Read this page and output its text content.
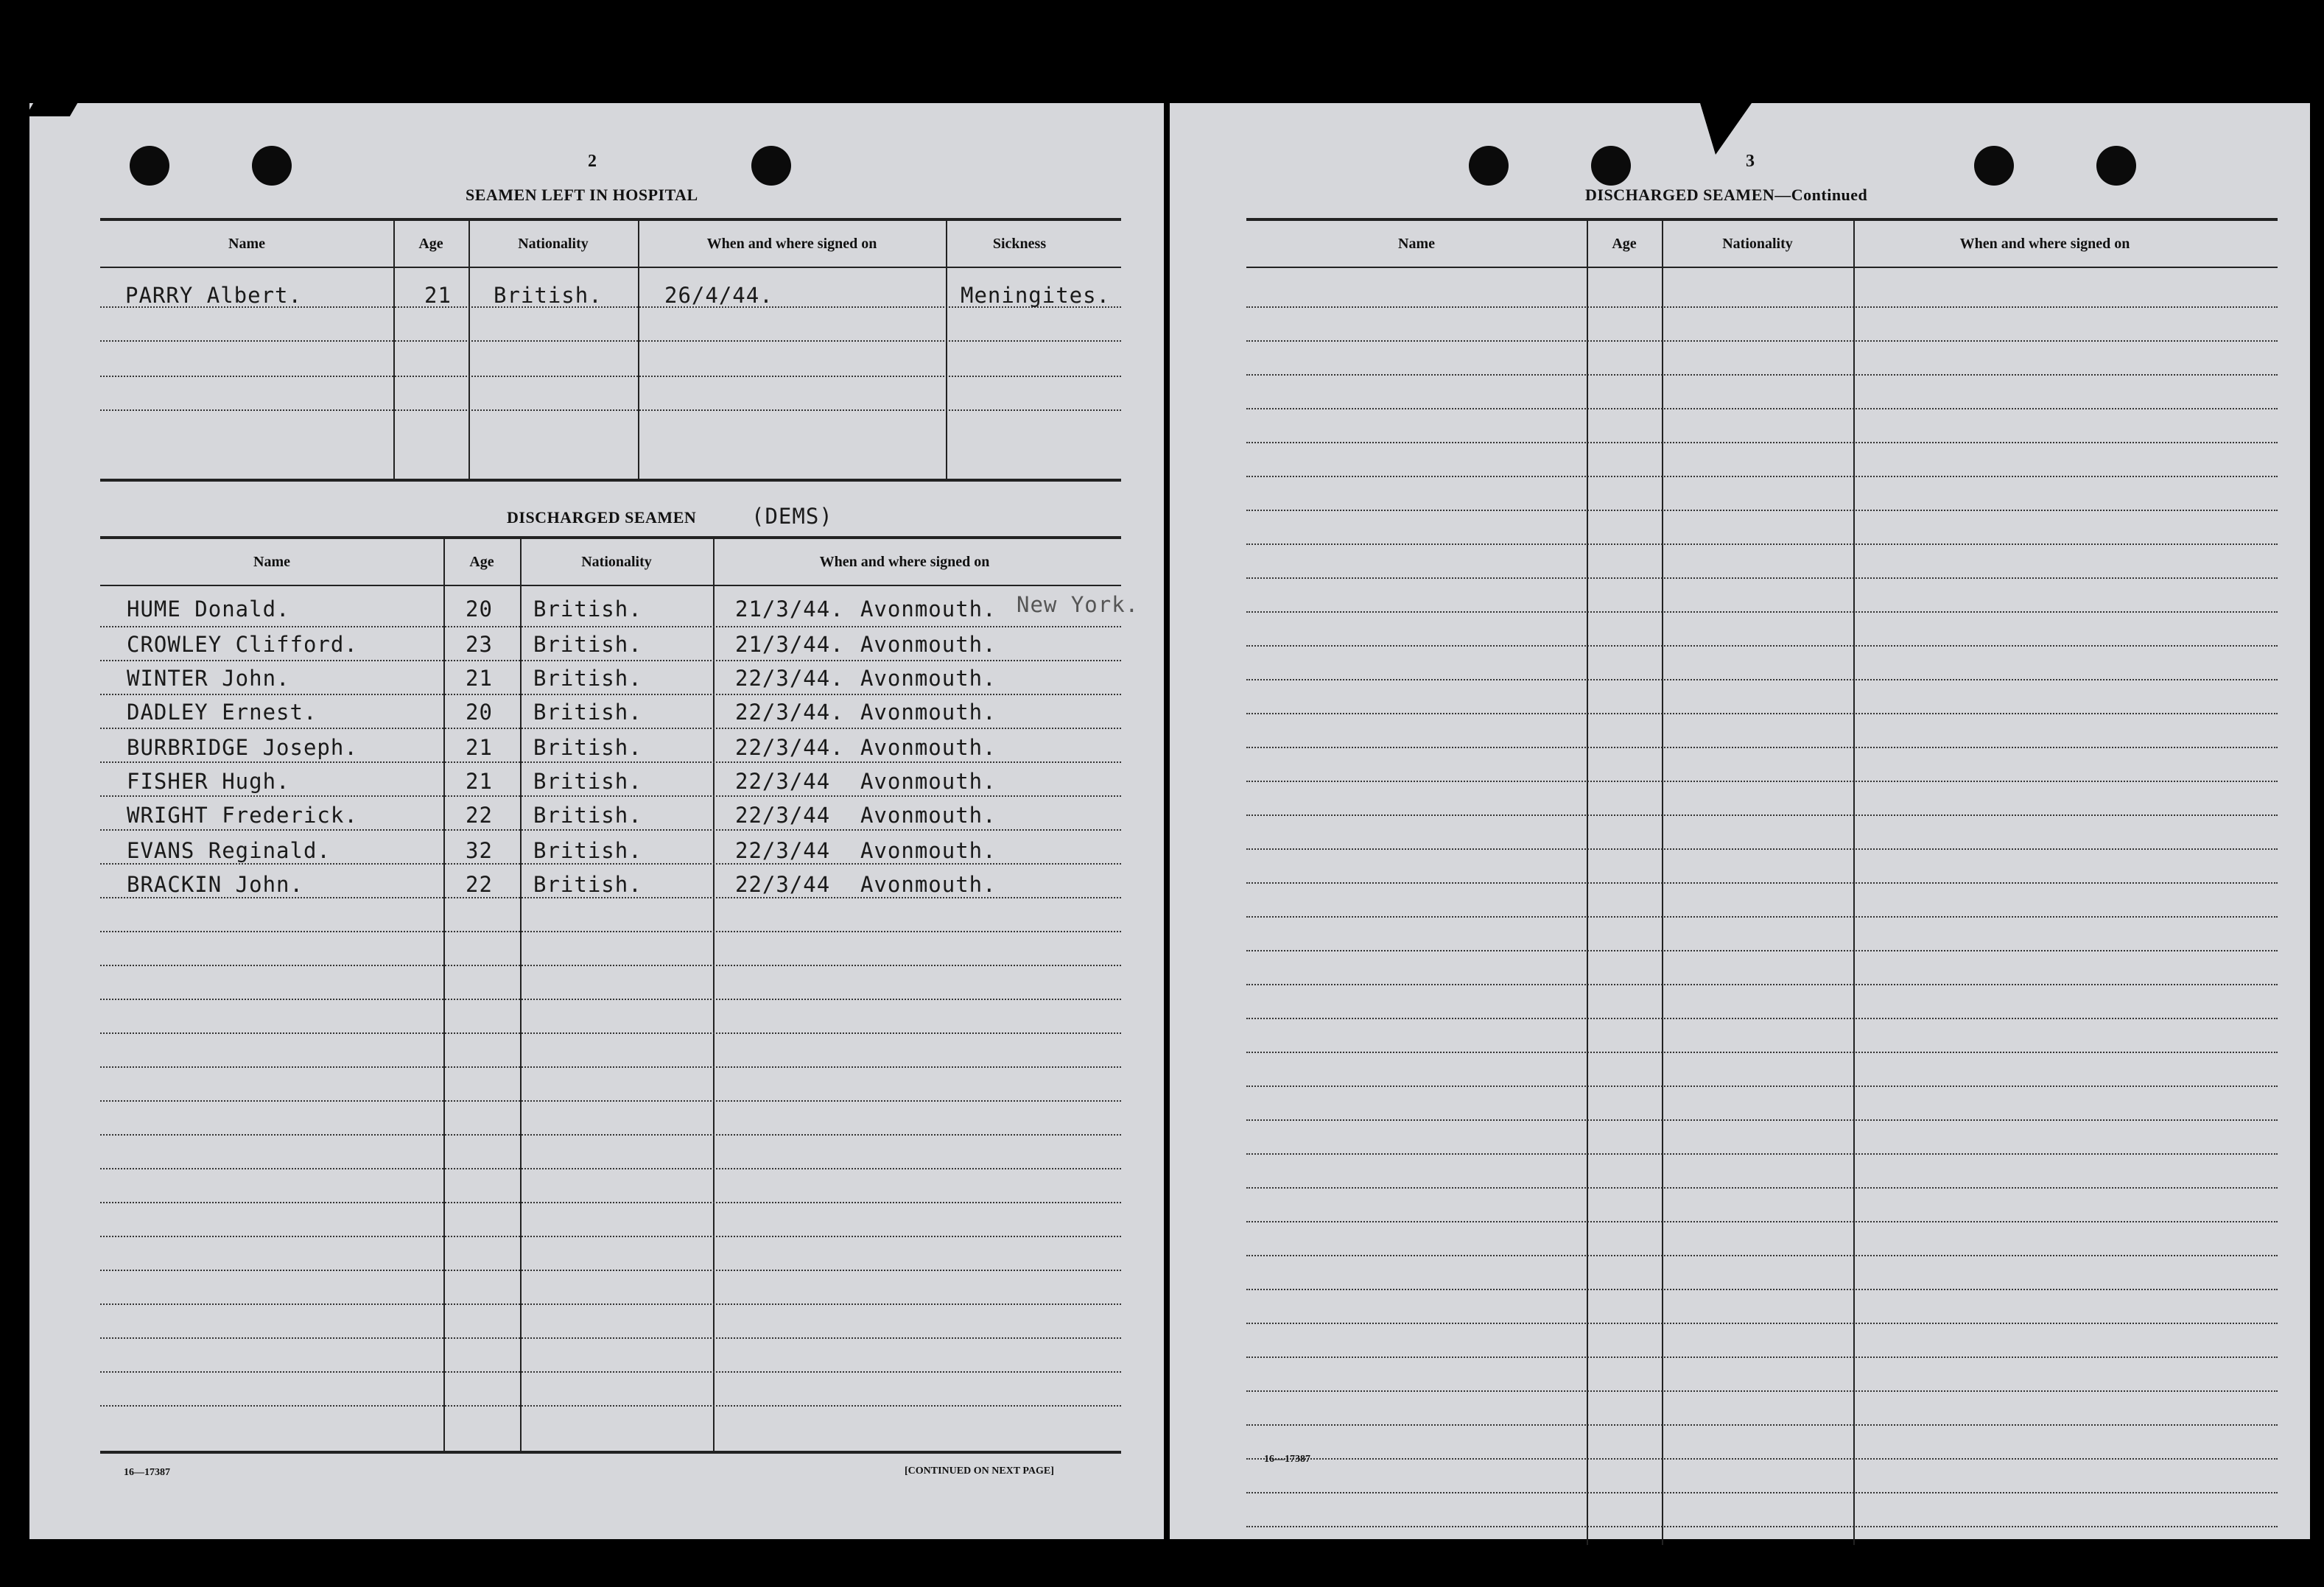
2
SEAMEN LEFT IN HOSPITAL
Name	Age	Nationality	When and where signed on	Sickness
PARRY Albert.	21 British.	26/4/44.	Meningites.
DISCHARGED SEAMEN	(DEMS)
Name	Age	Nationality	When and where signed on
HUME Donald.	20 British.	21/3/44. Avonmouth. New York.
CROWLEY Clifford.	23 British.	21/3/44. Avonmouth.
WINTER John.	21 British.	22/3/44. Avonmouth.
DADLEY Ernest.	20 British.	22/3/44. Avonmouth.
BURBRIDGE Joseph.	21 British.	22/3/44. Avonmouth.
FISHER Hugh.	21 British.	22/3/44 Avonmouth.
WRIGHT Frederick.	22 British.	22/3/44 Avonmouth.
EVANS Reginald.	32 British.	22/3/44 Avonmouth.
BRACKIN John.	22 British.	22/3/44 Avonmouth.
16—17387	[CONTINUED ON NEXT PAGE]
3
DISCHARGED SEAMEN—Continued
Name	Age	Nationality	When and where signed on
16—17387
